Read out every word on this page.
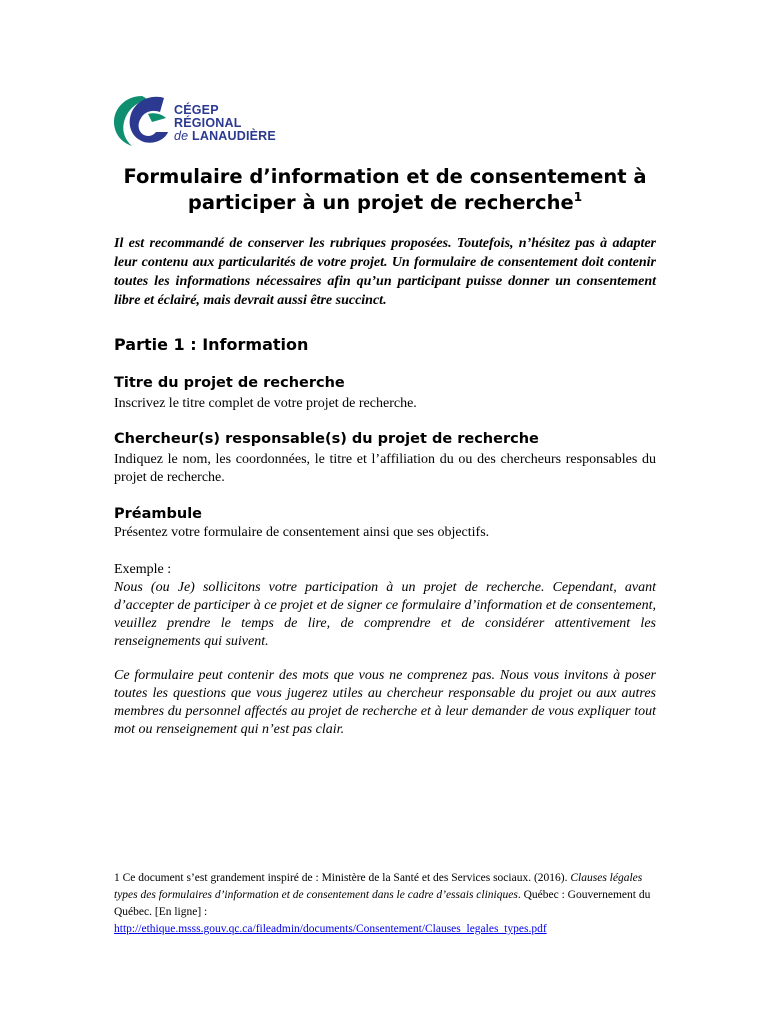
CÉGEP RÉGIONAL
de LANAUDIÈRE
Formulaire d’information et de consentement à
participer à un projet de recherche$^1$
Il est recommandé de conserver les rubriques proposées. Toutefois, n’hésitez pas à adapter leur contenu aux particularités de votre projet. Un formulaire de consentement doit contenir toutes les informations nécessaires afin qu’un participant puisse donner un consentement libre et éclairé, mais devrait aussi être succinct.
Partie 1 : Information
Titre du projet de recherche
Inscrivez le titre complet de votre projet de recherche.
Chercheur(s) responsable(s) du projet de recherche
Indiquez le nom, les coordonnées, le titre et l’affiliation du ou des chercheurs responsables du projet de recherche.
Préambule
Présentez votre formulaire de consentement ainsi que ses objectifs.
Exemple :
Nous (ou Je) sollicitons votre participation à un projet de recherche. Cependant, avant d’accepter de participer à ce projet et de signer ce formulaire d’information et de consentement, veuillez prendre le temps de lire, de comprendre et de considérer attentivement les renseignements qui suivent.
Ce formulaire peut contenir des mots que vous ne comprenez pas. Nous vous invitons à poser toutes les questions que vous jugerez utiles au chercheur responsable du projet ou aux autres membres du personnel affectés au projet de recherche et à leur demander de vous expliquer tout mot ou renseignement qui n’est pas clair.
1 Ce document s’est grandement inspiré de : Ministère de la Santé et des Services sociaux. (2016). Clauses légales types des formulaires d’information et de consentement dans le cadre d’essais cliniques. Québec : Gouvernement du Québec. [En ligne] :
http://ethique.msss.gouv.qc.ca/fileadmin/documents/Consentement/Clauses_legales_types.pdf
